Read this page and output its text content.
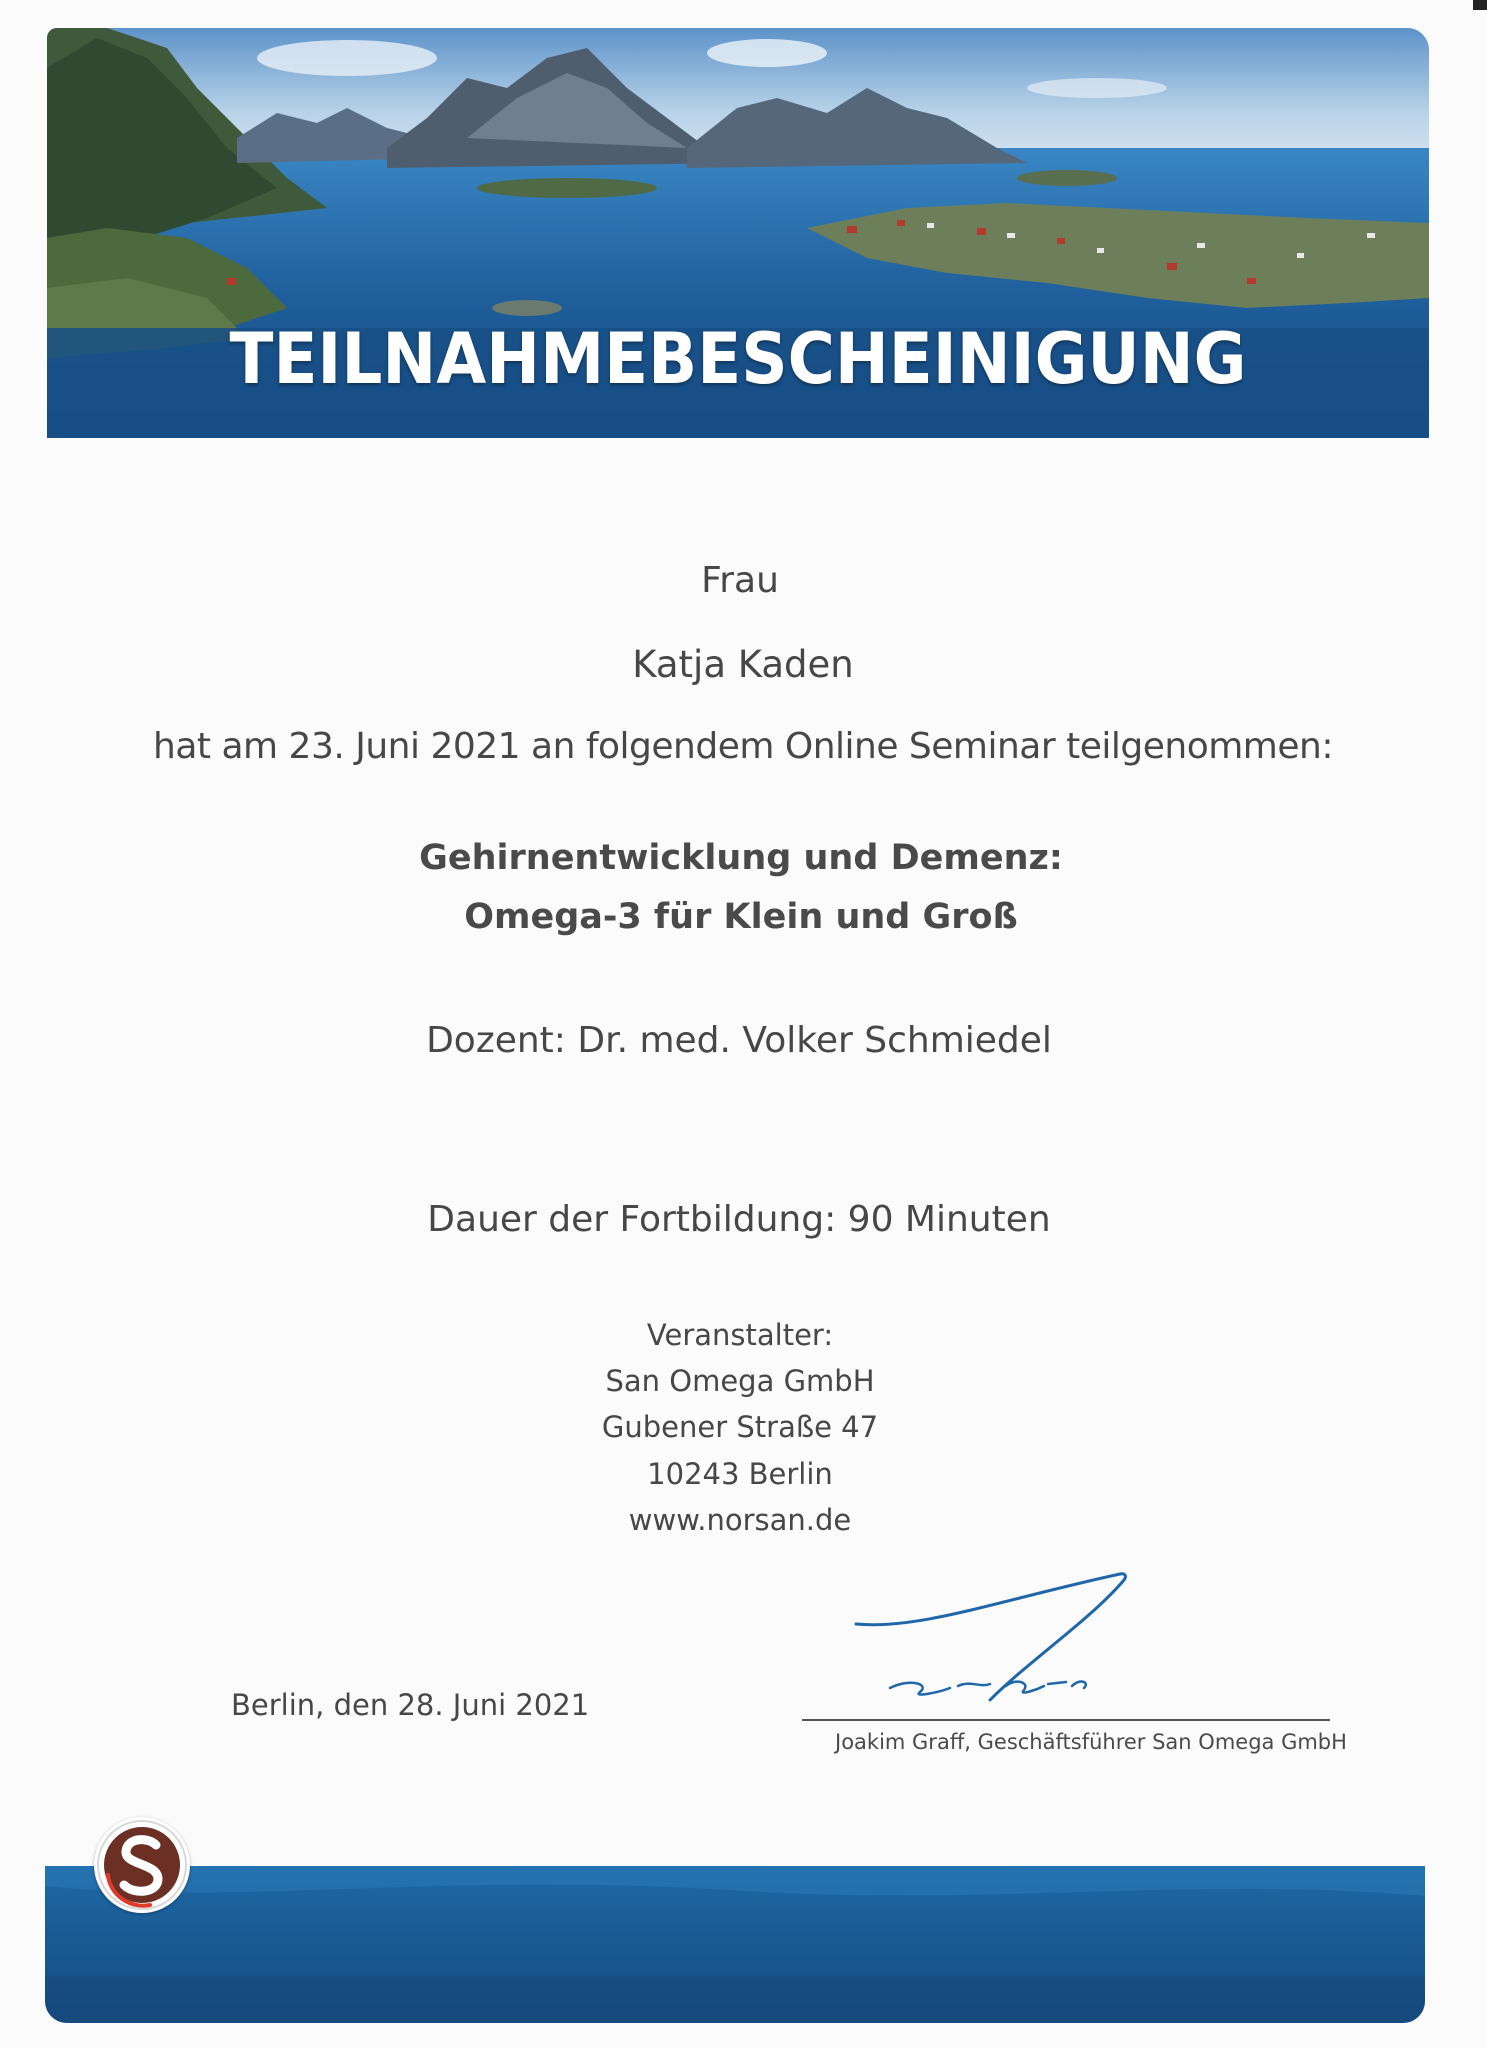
TEILNAHMEBESCHEINIGUNG
Frau
Katja Kaden
hat am 23. Juni 2021 an folgendem Online Seminar teilgenommen:
Gehirnentwicklung und Demenz:
Omega-3 für Klein und Groß
Dozent: Dr. med. Volker Schmiedel
Dauer der Fortbildung: 90 Minuten
Veranstalter:
San Omega GmbH
Gubener Straße 47
10243 Berlin
www.norsan.de
Berlin, den 28. Juni 2021
Joakim Graff, Geschäftsführer San Omega GmbH
